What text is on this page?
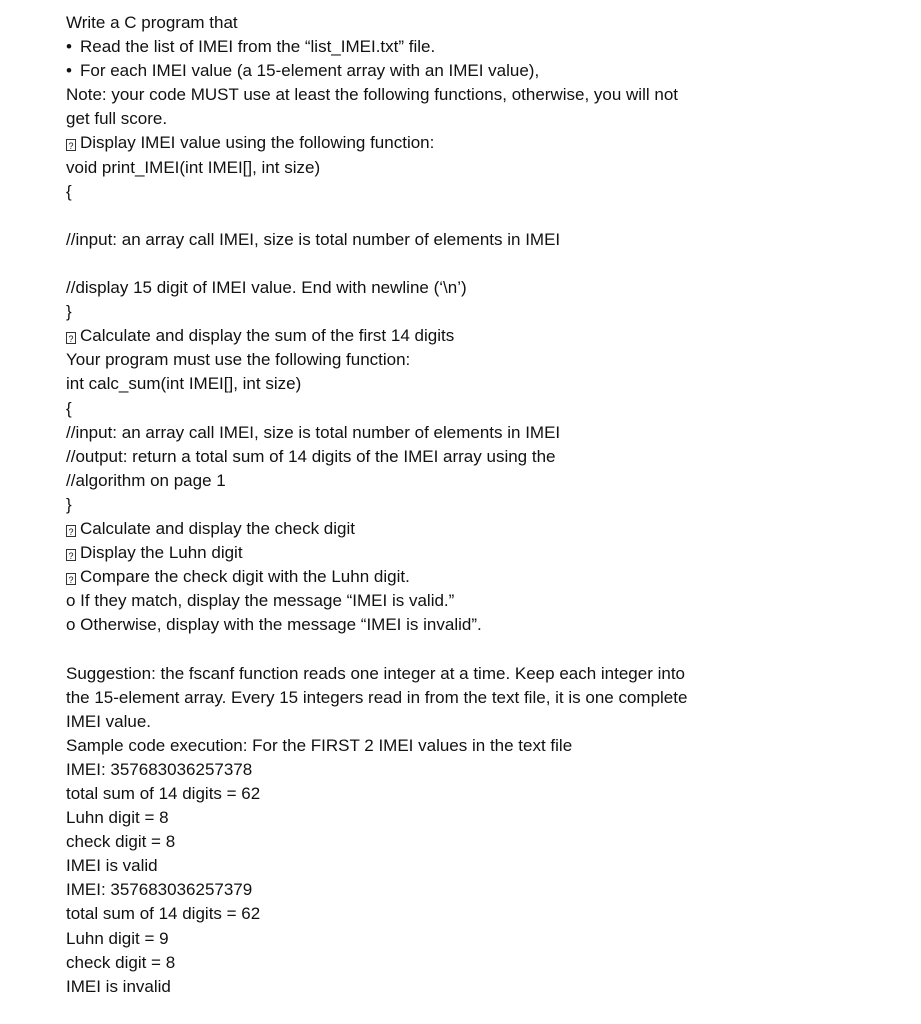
Write a C program that
• Read the list of IMEI from the “list_IMEI.txt” file.
• For each IMEI value (a 15-element array with an IMEI value),
Note: your code MUST use at least the following functions, otherwise, you will not
get full score.
? Display IMEI value using the following function:
void print_IMEI(int IMEI[], int size)
{
//input: an array call IMEI, size is total number of elements in IMEI
//display 15 digit of IMEI value. End with newline (‘\n’)
}
? Calculate and display the sum of the first 14 digits
Your program must use the following function:
int calc_sum(int IMEI[], int size)
{
//input: an array call IMEI, size is total number of elements in IMEI
//output: return a total sum of 14 digits of the IMEI array using the
//algorithm on page 1
}
? Calculate and display the check digit
? Display the Luhn digit
? Compare the check digit with the Luhn digit.
o If they match, display the message “IMEI is valid.”
o Otherwise, display with the message “IMEI is invalid”.
Suggestion: the fscanf function reads one integer at a time. Keep each integer into
the 15-element array. Every 15 integers read in from the text file, it is one complete
IMEI value.
Sample code execution: For the FIRST 2 IMEI values in the text file
IMEI: 357683036257378
total sum of 14 digits = 62
Luhn digit = 8
check digit = 8
IMEI is valid
IMEI: 357683036257379
total sum of 14 digits = 62
Luhn digit = 9
check digit = 8
IMEI is invalid
